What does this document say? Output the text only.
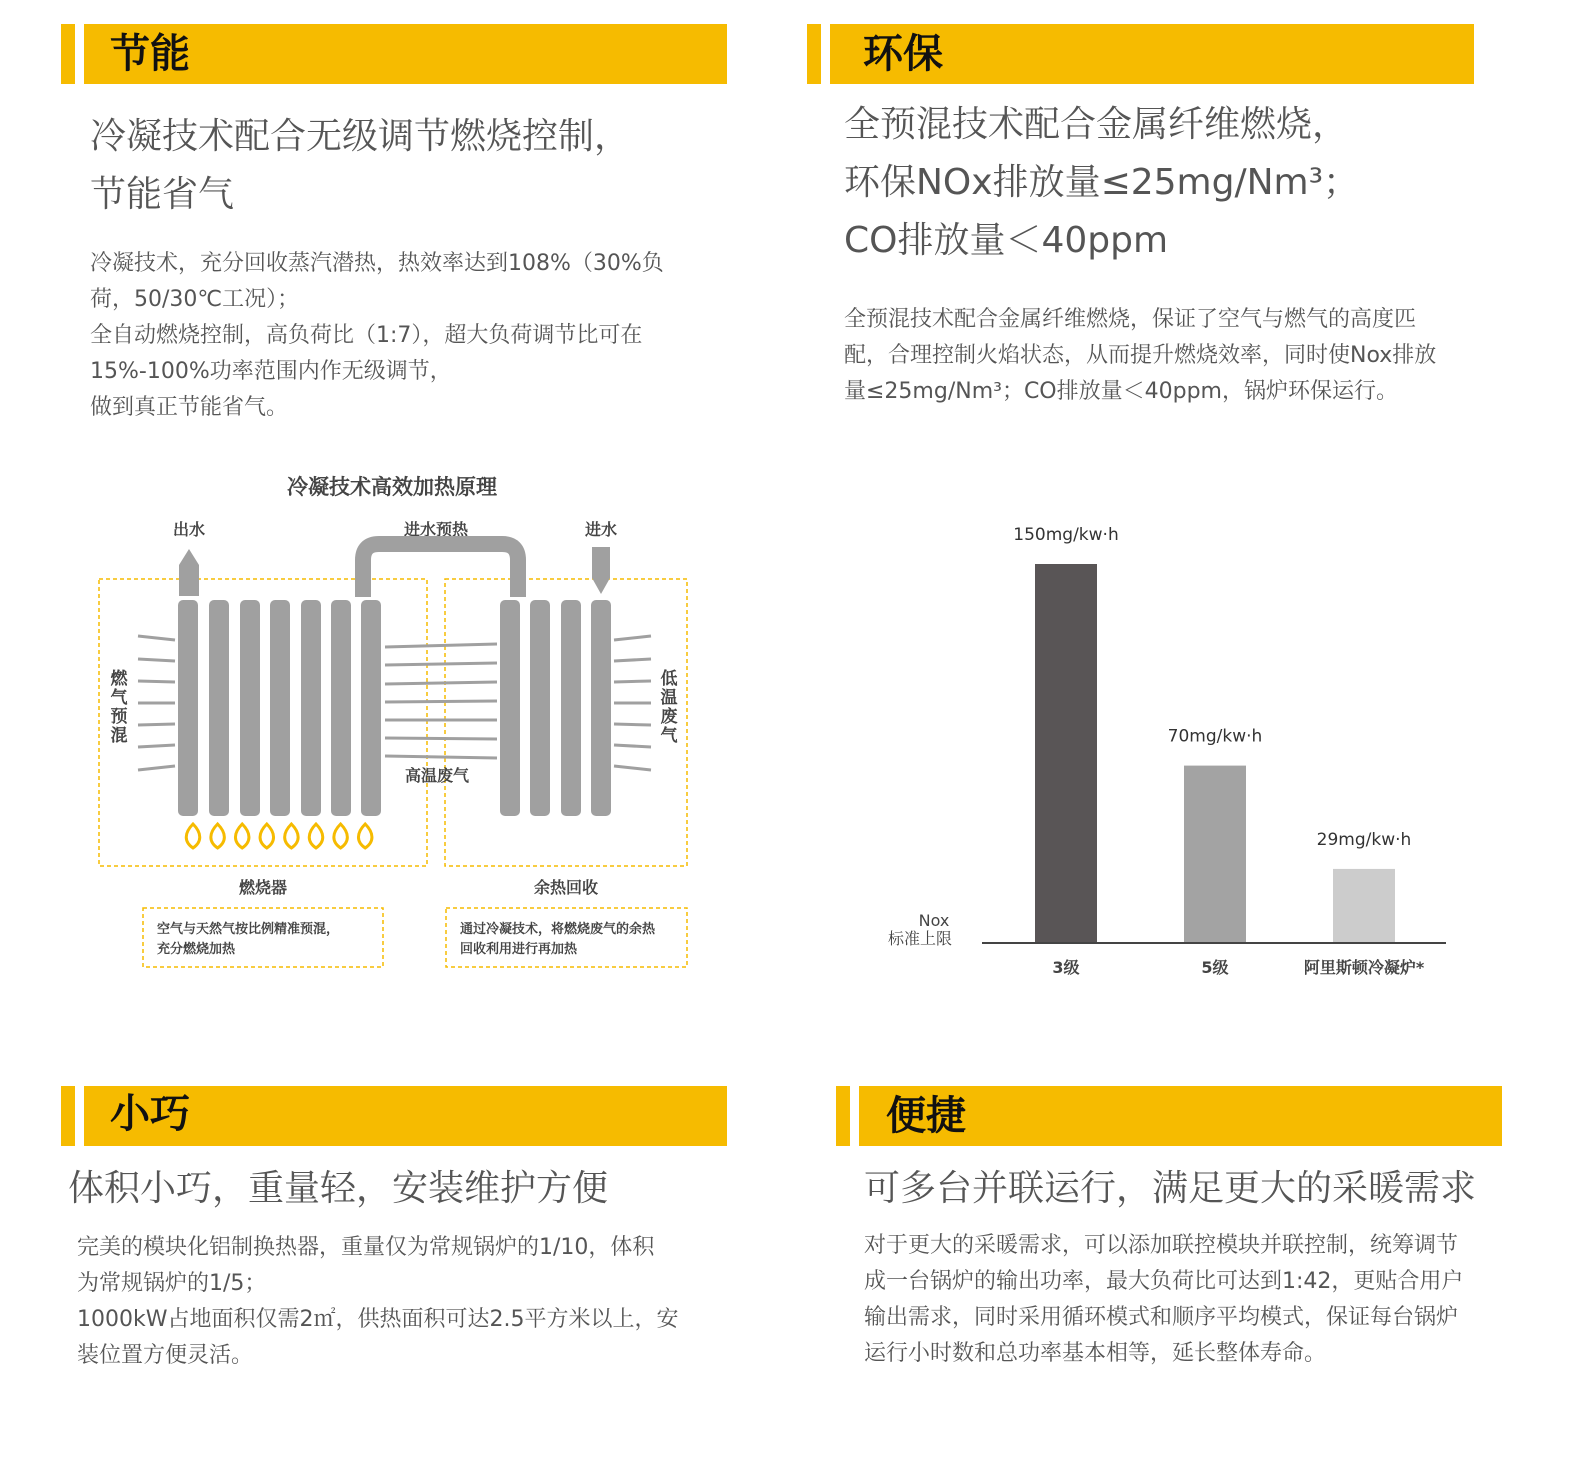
节能
冷凝技术配合无级调节燃烧控制，
节能省气
冷凝技术，充分回收蒸汽潜热，热效率达到108%（30%负
荷，50/30℃工况）；
全自动燃烧控制，高负荷比（1:7），超大负荷调节比可在
15%-100%功率范围内作无级调节，
做到真正节能省气。
冷凝技术高效加热原理
出水	进水预热	进水
燃
气
预
混
低
温
废
气
高温废气
燃烧器	余热回收
空气与天然气按比例精准预混，
充分燃烧加热
通过冷凝技术，将燃烧废气的余热
回收利用进行再加热
环保
全预混技术配合金属纤维燃烧，
环保NOx排放量≤25mg/Nm³；
CO排放量＜40ppm
全预混技术配合金属纤维燃烧，保证了空气与燃气的高度匹
配，合理控制火焰状态，从而提升燃烧效率，同时使Nox排放
量≤25mg/Nm³；CO排放量＜40ppm，锅炉环保运行。
Nox
标准上限
150mg/kw·h
3级
70mg/kw·h
5级
29mg/kw·h
阿里斯顿冷凝炉*
小巧
体积小巧，重量轻，安装维护方便
完美的模块化铝制换热器，重量仅为常规锅炉的1/10，体积
为常规锅炉的1/5；
1000kW占地面积仅需2㎡，供热面积可达2.5平方米以上，安
装位置方便灵活。
便捷
可多台并联运行，满足更大的采暖需求
对于更大的采暖需求，可以添加联控模块并联控制，统筹调节
成一台锅炉的输出功率，最大负荷比可达到1:42，更贴合用户
输出需求，同时采用循环模式和顺序平均模式，保证每台锅炉
运行小时数和总功率基本相等，延长整体寿命。
